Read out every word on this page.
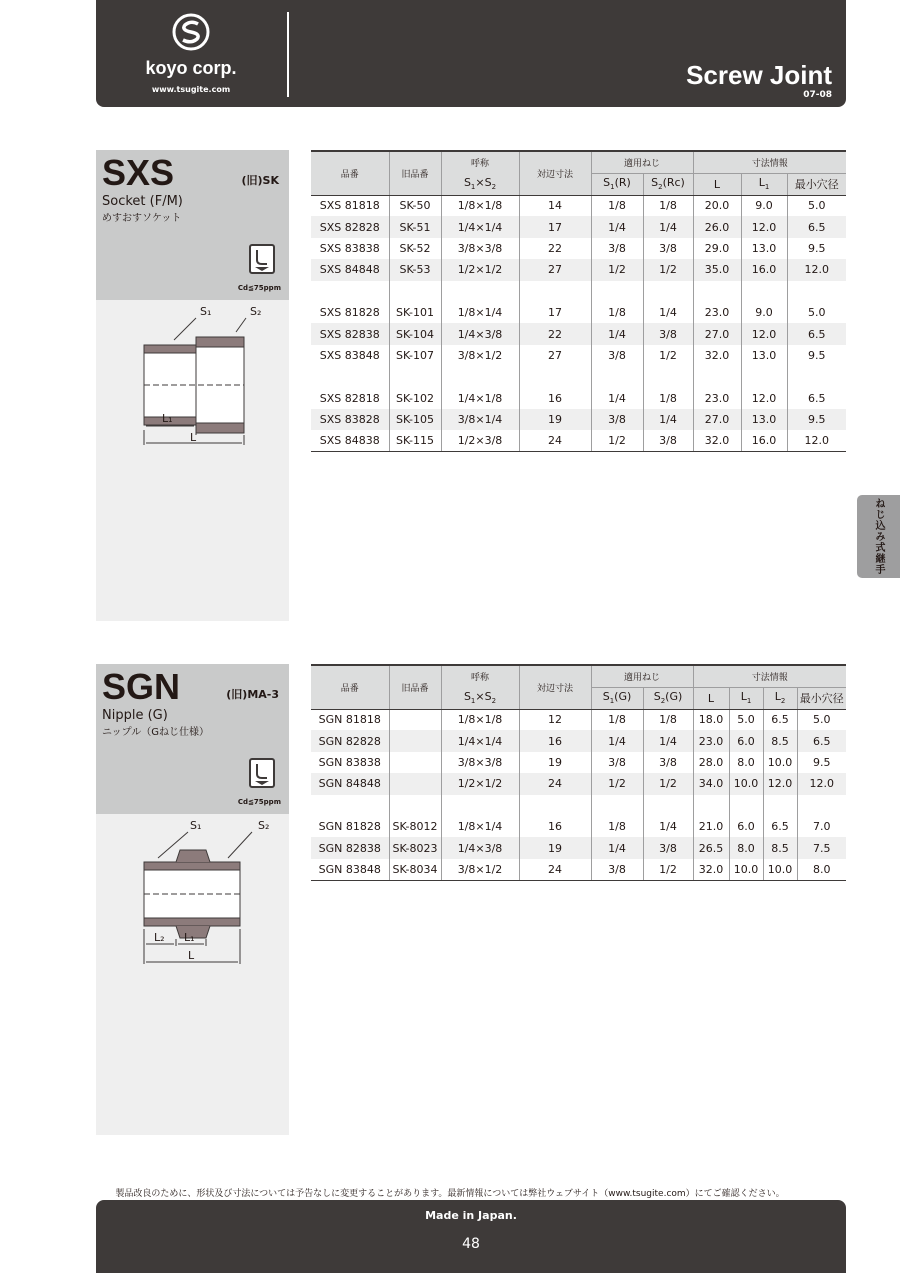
koyo corp.
www.tsugite.com	Screw Joint
07-08
ねじ込み式継手
SXS	(旧)SK
Socket (F/M)
めすおすソケット
Cd≦75ppm
S₁	S₂
L₁
L
品番	旧品番	呼称	対辺寸法	適用ねじ		寸法情報		
		$S_1\times S_2$		$S_1(R)$	$S_2(Rc)$	L	$L_1$	最小穴径
SXS 81818	SK-50	1/8×1/8	14	1/8	1/8	20.0	9.0	5.0
SXS 82828	SK-51	1/4×1/4	17	1/4	1/4	26.0	12.0	6.5
SXS 83838	SK-52	3/8×3/8	22	3/8	3/8	29.0	13.0	9.5
SXS 84848	SK-53	1/2×1/2	27	1/2	1/2	35.0	16.0	12.0

SXS 81828	SK-101	1/8×1/4	17	1/8	1/4	23.0	9.0	5.0
SXS 82838	SK-104	1/4×3/8	22	1/4	3/8	27.0	12.0	6.5
SXS 83848	SK-107	3/8×1/2	27	3/8	1/2	32.0	13.0	9.5

SXS 82818	SK-102	1/4×1/8	16	1/4	1/8	23.0	12.0	6.5
SXS 83828	SK-105	3/8×1/4	19	3/8	1/4	27.0	13.0	9.5
SXS 84838	SK-115	1/2×3/8	24	1/2	3/8	32.0	16.0	12.0
SGN	(旧)MA-3
Nipple (G)
ニップル（Gねじ仕様）
Cd≦75ppm
S₁	S₂
L₂ L₁
L
品番	旧品番	呼称	対辺寸法	適用ねじ		寸法情報			
		$S_1\times S_2$		$S_1(G)$	$S_2(G)$	L	$L_1$	$L_2$	最小穴径
SGN 81818		1/8×1/8	12	1/8	1/8	18.0	5.0	6.5	5.0
SGN 82828		1/4×1/4	16	1/4	1/4	23.0	6.0	8.5	6.5
SGN 83838		3/8×3/8	19	3/8	3/8	28.0	8.0	10.0	9.5
SGN 84848		1/2×1/2	24	1/2	1/2	34.0	10.0	12.0	12.0

SGN 81828	SK-8012	1/8×1/4	16	1/8	1/4	21.0	6.0	6.5	7.0
SGN 82838	SK-8023	1/4×3/8	19	1/4	3/8	26.5	8.0	8.5	7.5
SGN 83848	SK-8034	3/8×1/2	24	3/8	1/2	32.0	10.0	10.0	8.0
製品改良のために、形状及び寸法については予告なしに変更することがあります。最新情報については弊社ウェブサイト（www.tsugite.com）にてご確認ください。
Made in Japan.
48
